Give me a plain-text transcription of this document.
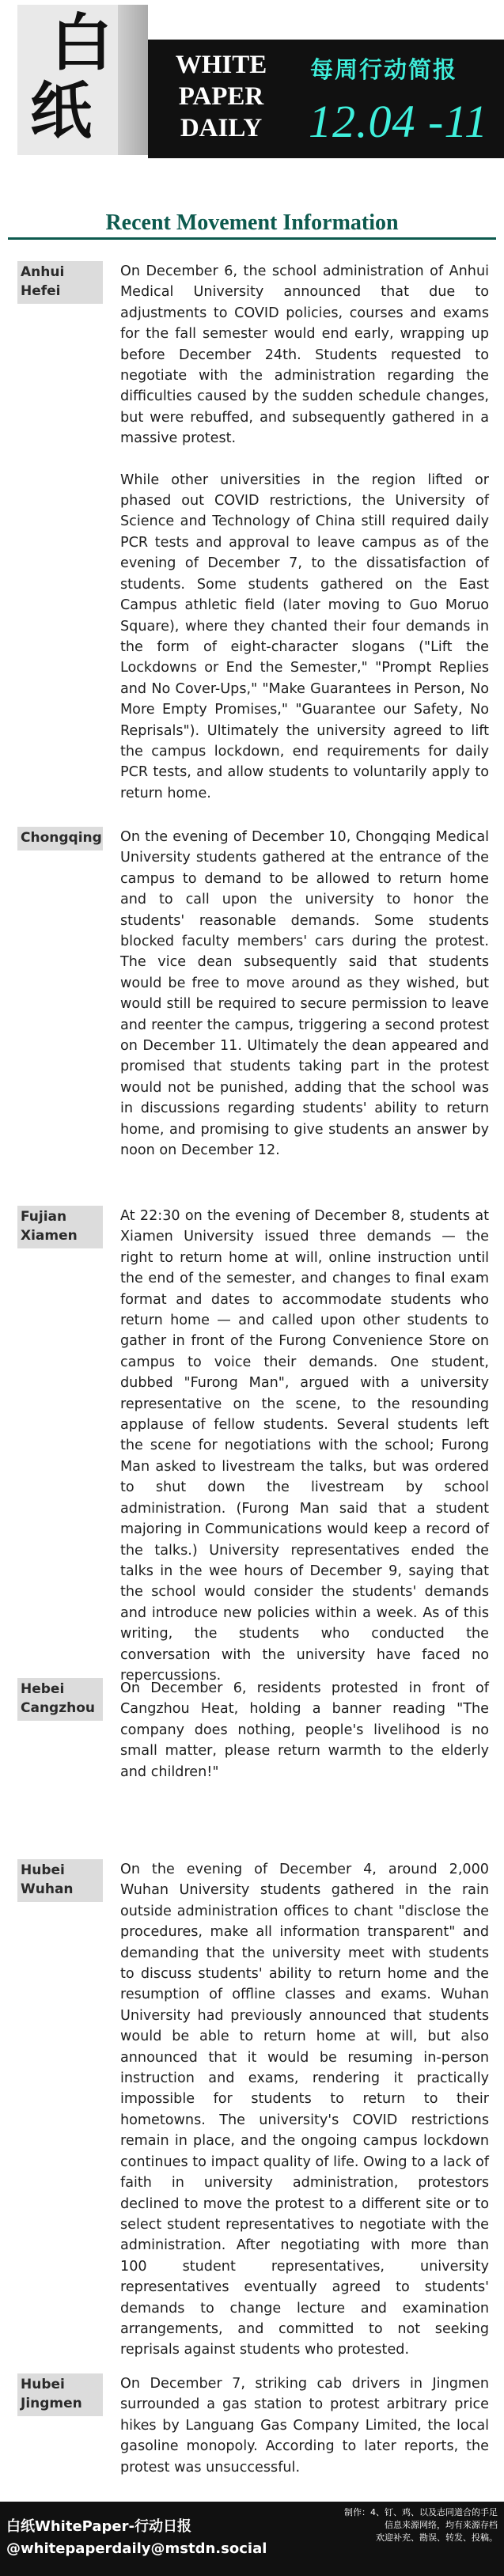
白
纸
WHITE
PAPER
DAILY
每周行动简报
12.04 -11
Recent Movement Information
Anhui
Hefei

On December 6, the school administration of Anhui Medical University announced that due to adjustments to COVID policies, courses and exams for the fall semester would end early, wrapping up before December 24th. Students requested to negotiate with the administration regarding the difficulties caused by the sudden schedule changes, but were rebuffed, and subsequently gathered in a massive protest.

While other universities in the region lifted or phased out COVID restrictions, the University of Science and Technology of China still required daily PCR tests and approval to leave campus as of the evening of December 7, to the dissatisfaction of students. Some students gathered on the East Campus athletic field (later moving to Guo Moruo Square), where they chanted their four demands in the form of eight-character slogans ("Lift the Lockdowns or End the Semester," "Prompt Replies and No Cover-Ups," "Make Guarantees in Person, No More Empty Promises," "Guarantee our Safety, No Reprisals"). Ultimately the university agreed to lift the campus lockdown, end requirements for daily PCR tests, and allow students to voluntarily apply to return home.

Chongqing On the evening of December 10, Chongqing Medical University students gathered at the entrance of the campus to demand to be allowed to return home and to call upon the university to honor the students' reasonable demands. Some students blocked faculty members' cars during the protest. The vice dean subsequently said that students would be free to move around as they wished, but would still be required to secure permission to leave and reenter the campus, triggering a second protest on December 11. Ultimately the dean appeared and promised that students taking part in the protest would not be punished, adding that the school was in discussions regarding students' ability to return home, and promising to give students an answer by noon on December 12.

Fujian
Xiamen

At 22:30 on the evening of December 8, students at Xiamen University issued three demands — the right to return home at will, online instruction until the end of the semester, and changes to final exam format and dates to accommodate students who return home — and called upon other students to gather in front of the Furong Convenience Store on campus to voice their demands. One student, dubbed "Furong Man", argued with a university representative on the scene, to the resounding applause of fellow students. Several students left the scene for negotiations with the school; Furong Man asked to livestream the talks, but was ordered to shut down the livestream by school administration. (Furong Man said that a student majoring in Communications would keep a record of the talks.) University representatives ended the talks in the wee hours of December 9, saying that the school would consider the students' demands and introduce new policies within a week. As of this writing, the students who conducted the conversation with the university have faced no repercussions.

Hebei
Cangzhou

On December 6, residents protested in front of Cangzhou Heat, holding a banner reading "The company does nothing, people's livelihood is no small matter, please return warmth to the elderly and children!"

Hubei
Wuhan

On the evening of December 4, around 2,000 Wuhan University students gathered in the rain outside administration offices to chant "disclose the procedures, make all information transparent" and demanding that the university meet with students to discuss students' ability to return home and the resumption of offline classes and exams. Wuhan University had previously announced that students would be able to return home at will, but also announced that it would be resuming in-person instruction and exams, rendering it practically impossible for students to return to their hometowns. The university's COVID restrictions remain in place, and the ongoing campus lockdown continues to impact quality of life. Owing to a lack of faith in university administration, protestors declined to move the protest to a different site or to select student representatives to negotiate with the administration. After negotiating with more than 100 student representatives, university representatives eventually agreed to students' demands to change lecture and examination arrangements, and committed to not seeking reprisals against students who protested.

Hubei
Jingmen

On December 7, striking cab drivers in Jingmen surrounded a gas station to protest arbitrary price hikes by Languang Gas Company Limited, the local gasoline monopoly. According to later reports, the protest was unsuccessful.

白纸WhitePaper-行动日报
@whitepaperdaily@mstdn.social
制作：4、钉、鸡、以及志同道合的手足
信息来源网络，均有来源存档
欢迎补充、勘误、转发、投稿。
